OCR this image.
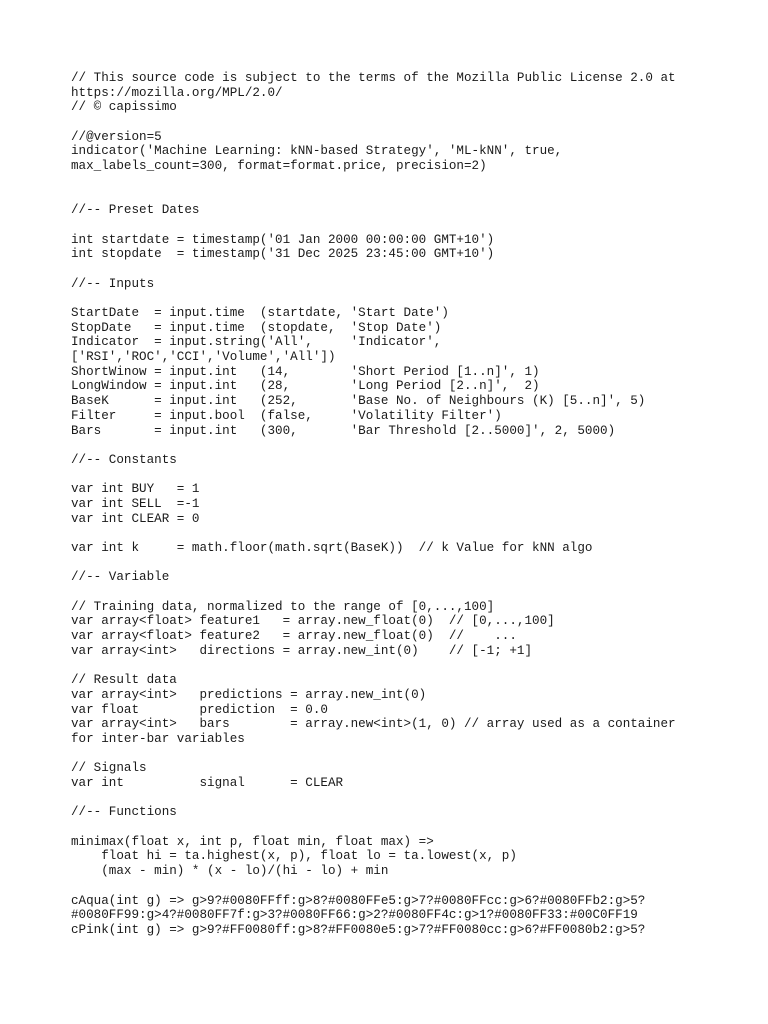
// This source code is subject to the terms of the Mozilla Public License 2.0 at
https://mozilla.org/MPL/2.0/
// © capissimo
//@version=5
indicator('Machine Learning: kNN-based Strategy', 'ML-kNN', true,
max_labels_count=300, format=format.price, precision=2)
//-- Preset Dates
int startdate = timestamp('01 Jan 2000 00:00:00 GMT+10')
int stopdate  = timestamp('31 Dec 2025 23:45:00 GMT+10')
//-- Inputs
StartDate  = input.time  (startdate, 'Start Date')
StopDate   = input.time  (stopdate,  'Stop Date')
Indicator  = input.string('All',     'Indicator',
['RSI','ROC','CCI','Volume','All'])
ShortWinow = input.int   (14,        'Short Period [1..n]', 1)
LongWindow = input.int   (28,        'Long Period [2..n]',  2)
BaseK      = input.int   (252,       'Base No. of Neighbours (K) [5..n]', 5)
Filter     = input.bool  (false,     'Volatility Filter')
Bars       = input.int   (300,       'Bar Threshold [2..5000]', 2, 5000)
//-- Constants
var int BUY   = 1
var int SELL  =-1
var int CLEAR = 0
var int k     = math.floor(math.sqrt(BaseK))  // k Value for kNN algo
//-- Variable
// Training data, normalized to the range of [0,...,100]
var array<float> feature1   = array.new_float(0)  // [0,...,100]
var array<float> feature2   = array.new_float(0)  //    ...
var array<int>   directions = array.new_int(0)    // [-1; +1]
// Result data
var array<int>   predictions = array.new_int(0)
var float        prediction  = 0.0
var array<int>   bars        = array.new<int>(1, 0) // array used as a container
for inter-bar variables
// Signals
var int          signal      = CLEAR
//-- Functions
minimax(float x, int p, float min, float max) =>
float hi = ta.highest(x, p), float lo = ta.lowest(x, p)
(max - min) * (x - lo)/(hi - lo) + min
cAqua(int g) => g>9?#0080FFff:g>8?#0080FFe5:g>7?#0080FFcc:g>6?#0080FFb2:g>5?
#0080FF99:g>4?#0080FF7f:g>3?#0080FF66:g>2?#0080FF4c:g>1?#0080FF33:#00C0FF19
cPink(int g) => g>9?#FF0080ff:g>8?#FF0080e5:g>7?#FF0080cc:g>6?#FF0080b2:g>5?
